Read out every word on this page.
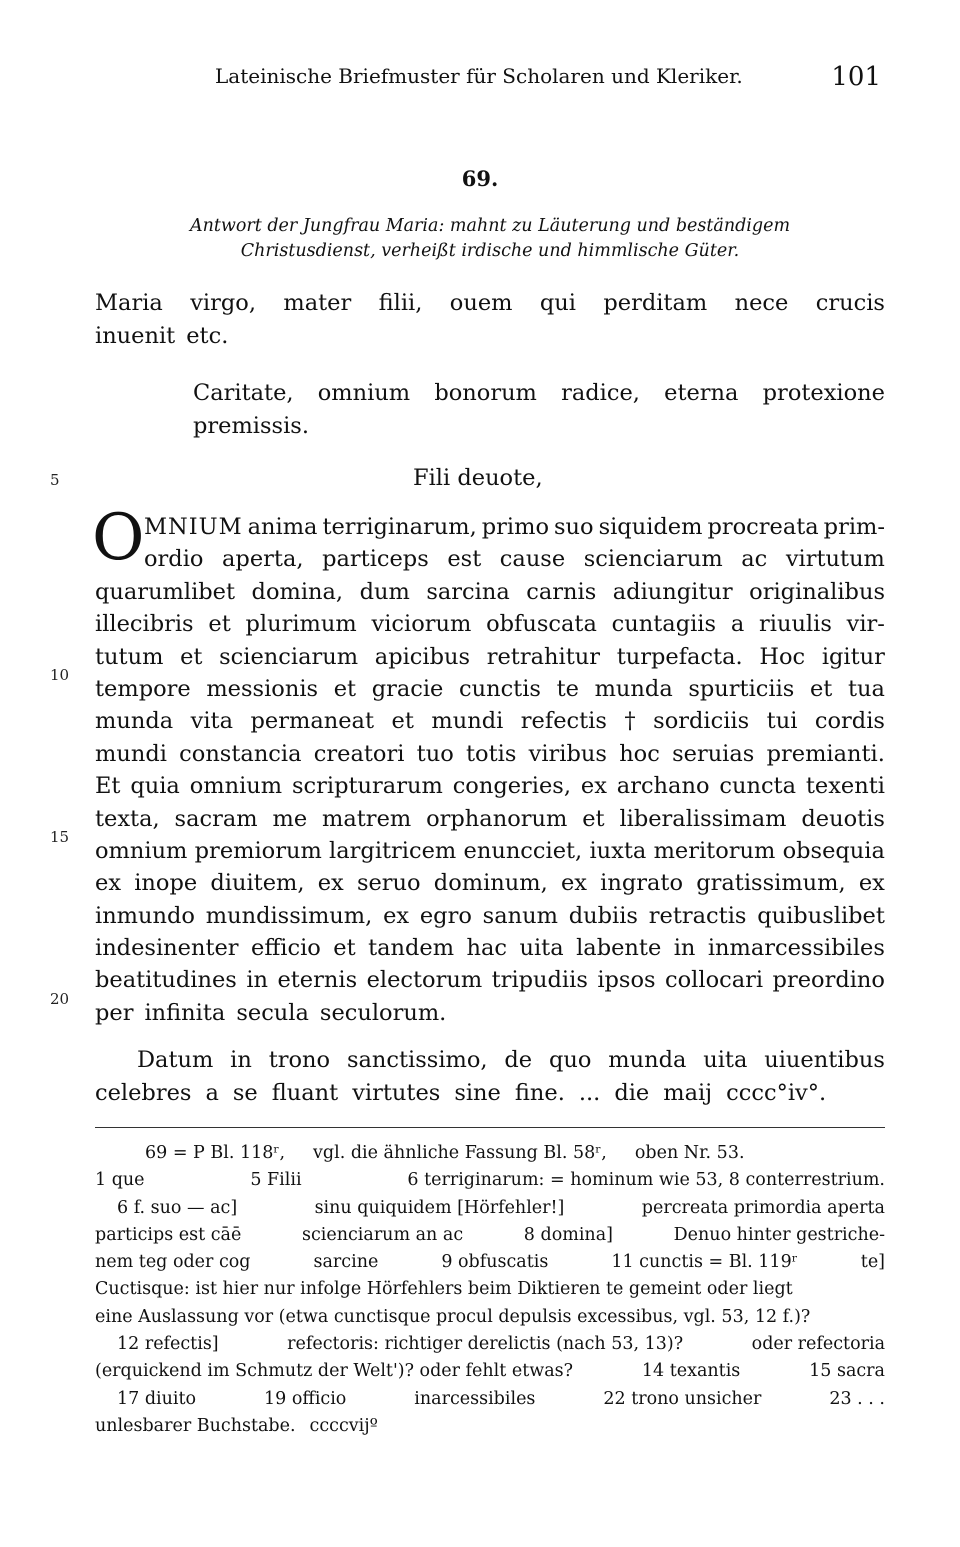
Lateinische Briefmuster für Scholaren und Kleriker.	101
69.
Antwort der Jungfrau Maria: mahnt zu Läuterung und beständigem
Christusdienst, verheißt irdische und himmlische Güter.
Maria virgo, mater filii, ouem qui perditam nece crucis
inuenit etc.
Caritate, omnium bonorum radice, eterna protexione
premissis.
Fili deuote,
5
10
15
20
O MNIUM anima terriginarum, primo suo siquidem procreata prim-
ordio aperta, particeps est cause scienciarum ac virtutum
quarumlibet domina, dum sarcina carnis adiungitur originalibus
illecibris et plurimum viciorum obfuscata cuntagiis a riuulis vir-
tutum et scienciarum apicibus retrahitur turpefacta. Hoc igitur
tempore messionis et gracie cunctis te munda spurticiis et tua
munda vita permaneat et mundi refectis † sordiciis tui cordis
mundi constancia creatori tuo totis viribus hoc seruias premianti.
Et quia omnium scripturarum congeries, ex archano cuncta texenti
texta, sacram me matrem orphanorum et liberalissimam deuotis
omnium premiorum largitricem enuncciet, iuxta meritorum obsequia
ex inope diuitem, ex seruo dominum, ex ingrato gratissimum, ex
inmundo mundissimum, ex egro sanum dubiis retractis quibuslibet
indesinenter efficio et tandem hac uita labente in inmarcessibiles
beatitudines in eternis electorum tripudiis ipsos collocari preordino
per infinita secula seculorum.
Datum in trono sanctissimo, de quo munda uita uiuentibus
celebres a se fluant virtutes sine fine. ... die maij cccc°iv°.
69 = P Bl. 118ʳ, vgl. die ähnliche Fassung Bl. 58ʳ, oben Nr. 53.
1 que	5 Filii	6 terriginarum: = hominum wie 53, 8 conterrestrium.
6 f. suo — ac]	sinu quiquidem [Hörfehler!]	percreata primordia aperta
particips est cāē	scienciarum an ac	8 domina]	Denuo hinter gestriche-
nem teg oder cog	sarcine	9 obfuscatis	11 cunctis = Bl. 119ʳ	te]
Cuctisque: ist hier nur infolge Hörfehlers beim Diktieren te gemeint oder liegt
eine Auslassung vor (etwa cunctisque procul depulsis excessibus, vgl. 53, 12 f.)?
12 refectis]	refectoris: richtiger derelictis (nach 53, 13)?	oder refectoria
(erquickend im Schmutz der Welt')? oder fehlt etwas?	14 texantis	15 sacra
17 diuito	19 officio	inarcessibiles	22 trono unsicher	23 . . .
unlesbarer Buchstabe. ccccvijº
